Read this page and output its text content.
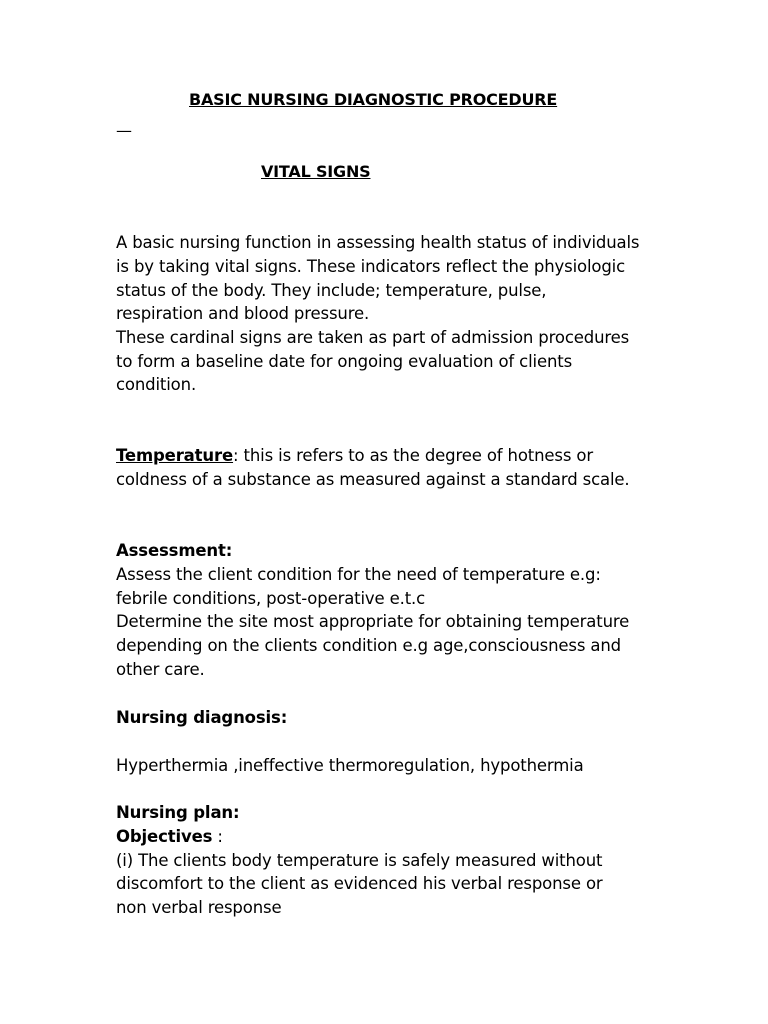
BASIC NURSING DIAGNOSTIC PROCEDURE
—
VITAL SIGNS
A basic nursing function in assessing health status of individuals
is by taking vital signs. These indicators reflect the physiologic
status of the body. They include; temperature, pulse,
respiration and blood pressure.
These cardinal signs are taken as part of admission procedures
to form a baseline date for ongoing evaluation of clients
condition.
Temperature: this is refers to as the degree of hotness or
coldness of a substance as measured against a standard scale.
Assessment:
Assess the client condition for the need of temperature e.g:
febrile conditions, post-operative e.t.c
Determine the site most appropriate for obtaining temperature
depending on the clients condition e.g age,consciousness and
other care.
Nursing diagnosis:
Hyperthermia ,ineffective thermoregulation, hypothermia
Nursing plan:
Objectives :
(i) The clients body temperature is safely measured without
discomfort to the client as evidenced his verbal response or
non verbal response
